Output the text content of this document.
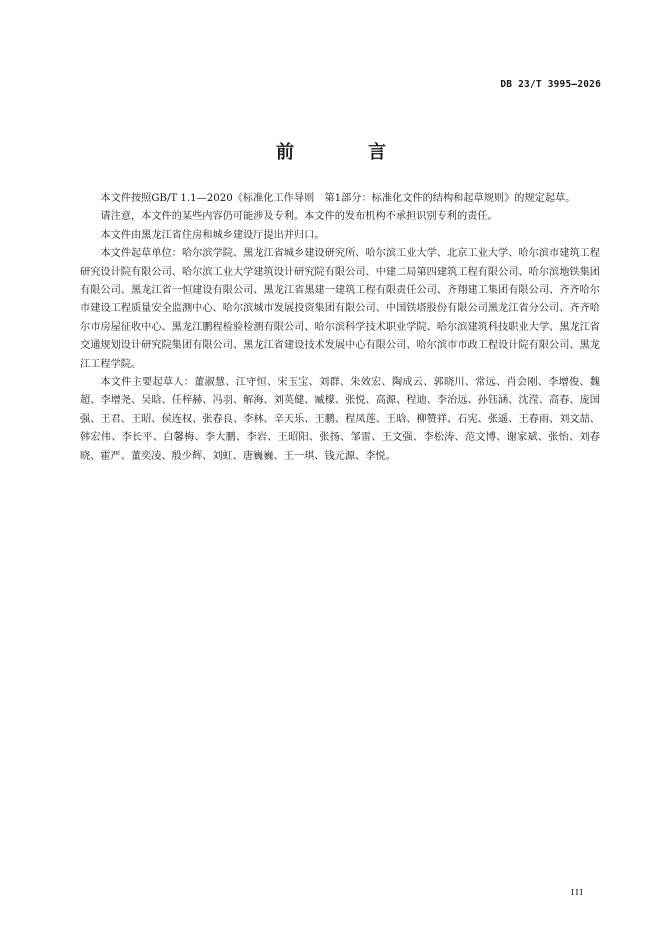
DB 23/T 3995—2026

前　言

本文件按照GB/T 1.1—2020《标准化工作导则　第1部分：标准化文件的结构和起草规则》的规定起草。

请注意，本文件的某些内容仍可能涉及专利。本文件的发布机构不承担识别专利的责任。

本文件由黑龙江省住房和城乡建设厅提出并归口。

本文件起草单位：哈尔滨学院、黑龙江省城乡建设研究所、哈尔滨工业大学、北京工业大学、哈尔滨市建筑工程研究设计院有限公司、哈尔滨工业大学建筑设计研究院有限公司、中建二局第四建筑工程有限公司、哈尔滨地铁集团有限公司、黑龙江省一恒建设有限公司、黑龙江省黑建一建筑工程有限责任公司、齐翔建工集团有限公司、齐齐哈尔市建设工程质量安全监测中心、哈尔滨城市发展投资集团有限公司、中国铁塔股份有限公司黑龙江省分公司、齐齐哈尔市房屋征收中心、黑龙江鹏程检验检测有限公司、哈尔滨科学技术职业学院、哈尔滨建筑科技职业大学、黑龙江省交通规划设计研究院集团有限公司、黑龙江省建设技术发展中心有限公司、哈尔滨市市政工程设计院有限公司、黑龙江工程学院。

本文件主要起草人：董淑慧、江守恒、宋玉宝、刘群、朱效宏、陶成云、郭晓川、常远、肖会刚、李增俊、魏超、李增尧、吴晗、任梓赫、冯羽、解海、刘英健、臧檬、张悦、高源、程迪、李治远、孙钰涵、沈滢、高春、庞国强、王君、王昭、侯连权、张春良、李林、辛天乐、王鹏、程凤莲、王晗、柳赞祥、石宪、张遥、王春雨、刘文喆、韩宏伟、李长平、白馨梅、李大鹏、李岩、王昭阳、张扬、邹雷、王文强、李松涛、范文博、谢家斌、张怡、刘春晓、霍严、董奕凌、殷少辉、刘虹、唐巍巍、王一琪、钱元源、李悦。

III
